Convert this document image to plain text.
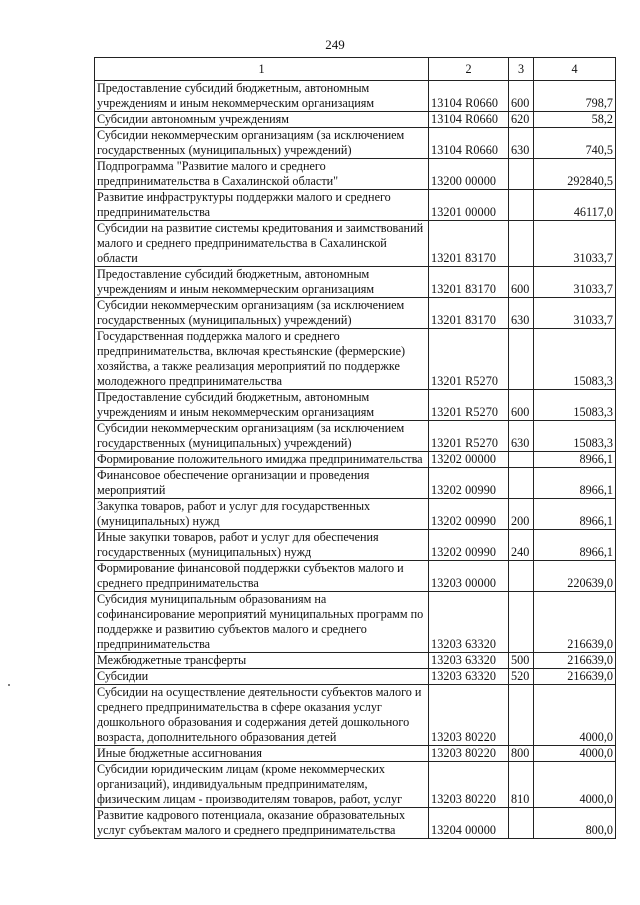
249
1	2	3	4
Предоставление субсидий бюджетным, автономным учреждениям и иным некоммерческим организациям	13104 R0660	600	798,7
Субсидии автономным учреждениям	13104 R0660	620	58,2
Субсидии некоммерческим организациям (за исключением государственных (муниципальных) учреждений)	13104 R0660	630	740,5
Подпрограмма "Развитие малого и среднего предпринимательства в Сахалинской области"	13200 00000		292840,5
Развитие инфраструктуры поддержки малого и среднего предпринимательства	13201 00000		46117,0
Субсидии на развитие системы кредитования и заимствований малого и среднего предпринимательства в Сахалинской области	13201 83170		31033,7
Предоставление субсидий бюджетным, автономным учреждениям и иным некоммерческим организациям	13201 83170	600	31033,7
Субсидии некоммерческим организациям (за исключением государственных (муниципальных) учреждений)	13201 83170	630	31033,7
Государственная поддержка малого и среднего предпринимательства, включая крестьянские (фермерские) хозяйства, а также реализация мероприятий по поддержке молодежного предпринимательства	13201 R5270		15083,3
Предоставление субсидий бюджетным, автономным учреждениям и иным некоммерческим организациям	13201 R5270	600	15083,3
Субсидии некоммерческим организациям (за исключением государственных (муниципальных) учреждений)	13201 R5270	630	15083,3
Формирование положительного имиджа предпринимательства	13202 00000		8966,1
Финансовое обеспечение организации и проведения мероприятий	13202 00990		8966,1
Закупка товаров, работ и услуг для государственных (муниципальных) нужд	13202 00990	200	8966,1
Иные закупки товаров, работ и услуг для обеспечения государственных (муниципальных) нужд	13202 00990	240	8966,1
Формирование финансовой поддержки субъектов малого и среднего предпринимательства	13203 00000		220639,0
Субсидия муниципальным образованиям на софинансирование мероприятий муниципальных программ по поддержке и развитию субъектов малого и среднего предпринимательства	13203 63320		216639,0
Межбюджетные трансферты	13203 63320	500	216639,0
Субсидии	13203 63320	520	216639,0
Субсидии на осуществление деятельности субъектов малого и среднего предпринимательства в сфере оказания услуг дошкольного образования и содержания детей дошкольного возраста, дополнительного образования детей	13203 80220		4000,0
Иные бюджетные ассигнования	13203 80220	800	4000,0
Субсидии юридическим лицам (кроме некоммерческих организаций), индивидуальным предпринимателям, физическим лицам - производителям товаров, работ, услуг	13203 80220	810	4000,0
Развитие кадрового потенциала, оказание образовательных услуг субъектам малого и среднего предпринимательства	13204 00000		800,0
